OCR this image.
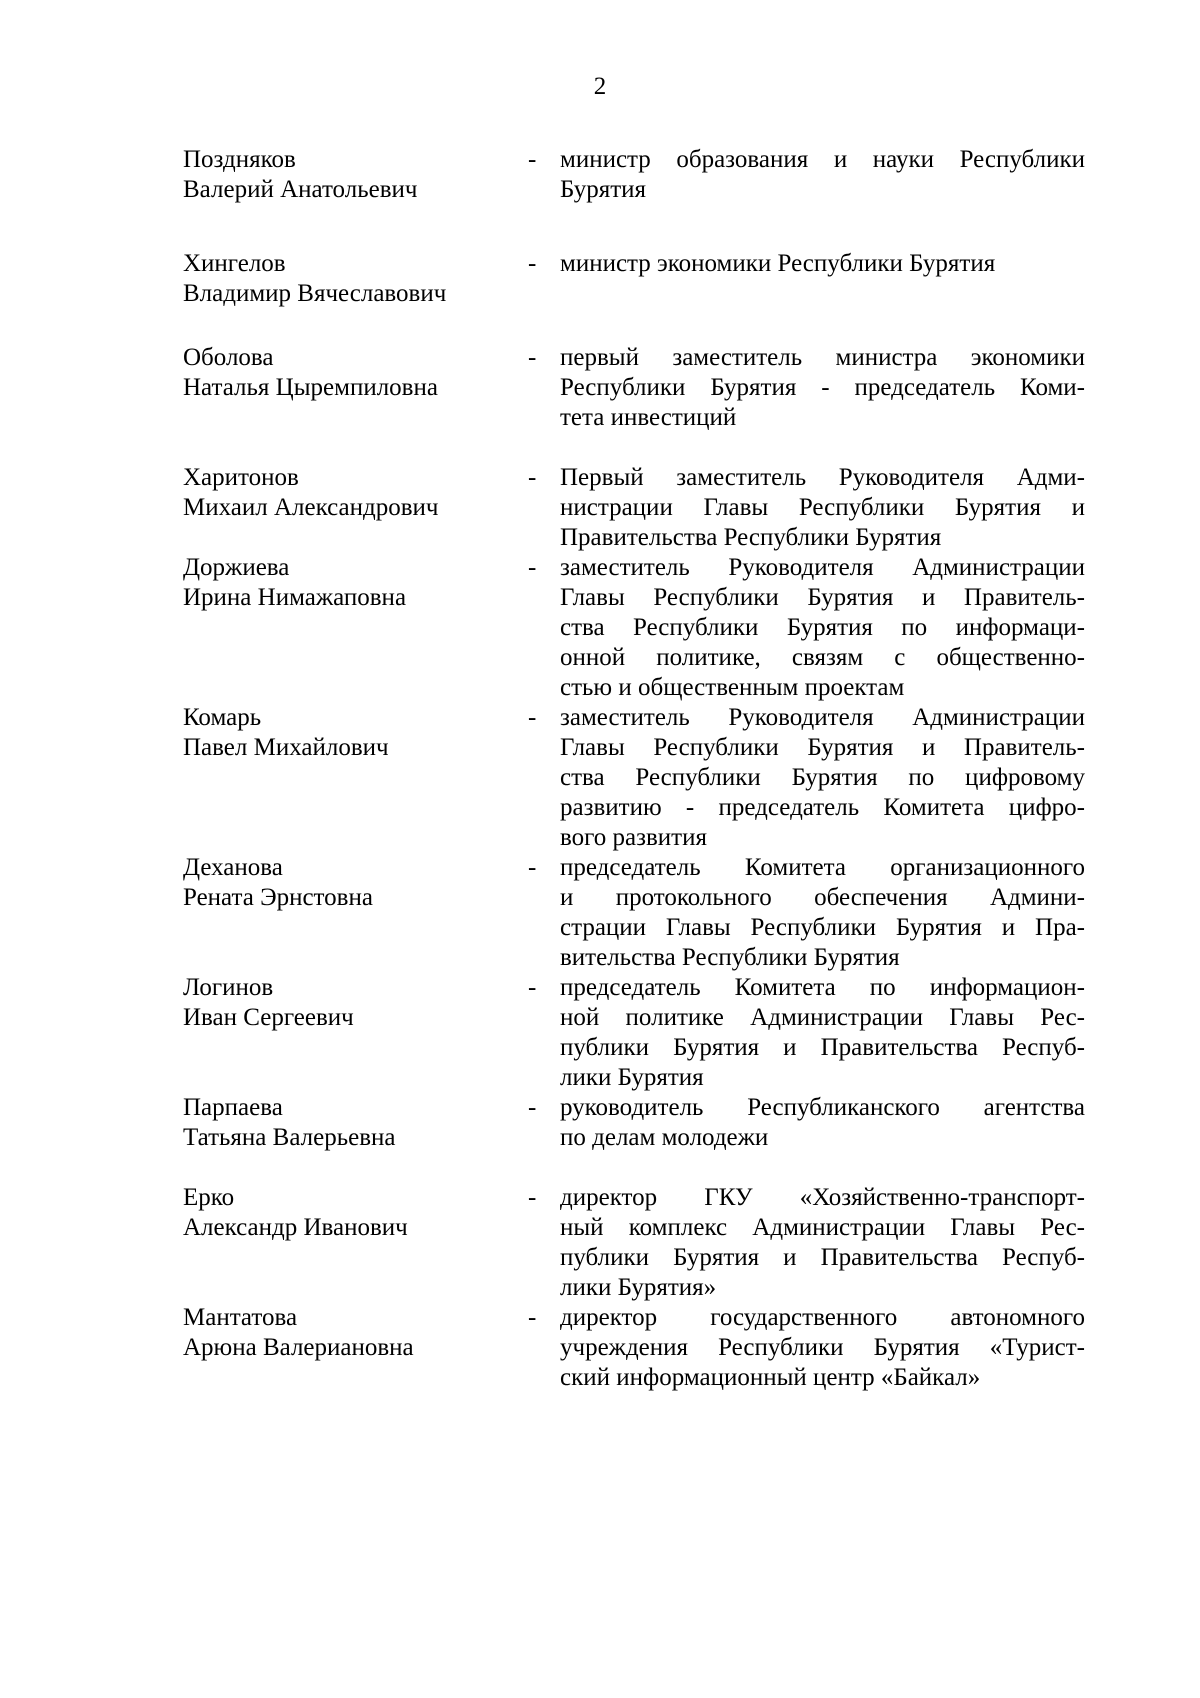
2
Поздняков
Валерий Анатольевич
- министр образования и науки Республики
Бурятия
Хингелов
Владимир Вячеславович
- министр экономики Республики Бурятия
Оболова
Наталья Цыремпиловна
- первый заместитель министра экономики
Республики Бурятия - председатель Коми-
тета инвестиций
Харитонов
Михаил Александрович
- Первый заместитель Руководителя Адми-
нистрации Главы Республики Бурятия и
Правительства Республики Бурятия
Доржиева
Ирина Нимажаповна
- заместитель Руководителя Администрации
Главы Республики Бурятия и Правитель-
ства Республики Бурятия по информаци-
онной политике, связям с общественно-
стью и общественным проектам
Комарь
Павел Михайлович
- заместитель Руководителя Администрации
Главы Республики Бурятия и Правитель-
ства Республики Бурятия по цифровому
развитию - председатель Комитета цифро-
вого развития
Деханова
Рената Эрнстовна
- председатель Комитета организационного
и протокольного обеспечения Админи-
страции Главы Республики Бурятия и Пра-
вительства Республики Бурятия
Логинов
Иван Сергеевич
- председатель Комитета по информацион-
ной политике Администрации Главы Рес-
публики Бурятия и Правительства Респуб-
лики Бурятия
Парпаева
Татьяна Валерьевна
- руководитель Республиканского агентства
по делам молодежи
Ерко
Александр Иванович
- директор ГКУ «Хозяйственно-транспорт-
ный комплекс Администрации Главы Рес-
публики Бурятия и Правительства Респуб-
лики Бурятия»
Мантатова
Арюна Валериановна
- директор государственного автономного
учреждения Республики Бурятия «Турист-
ский информационный центр «Байкал»
